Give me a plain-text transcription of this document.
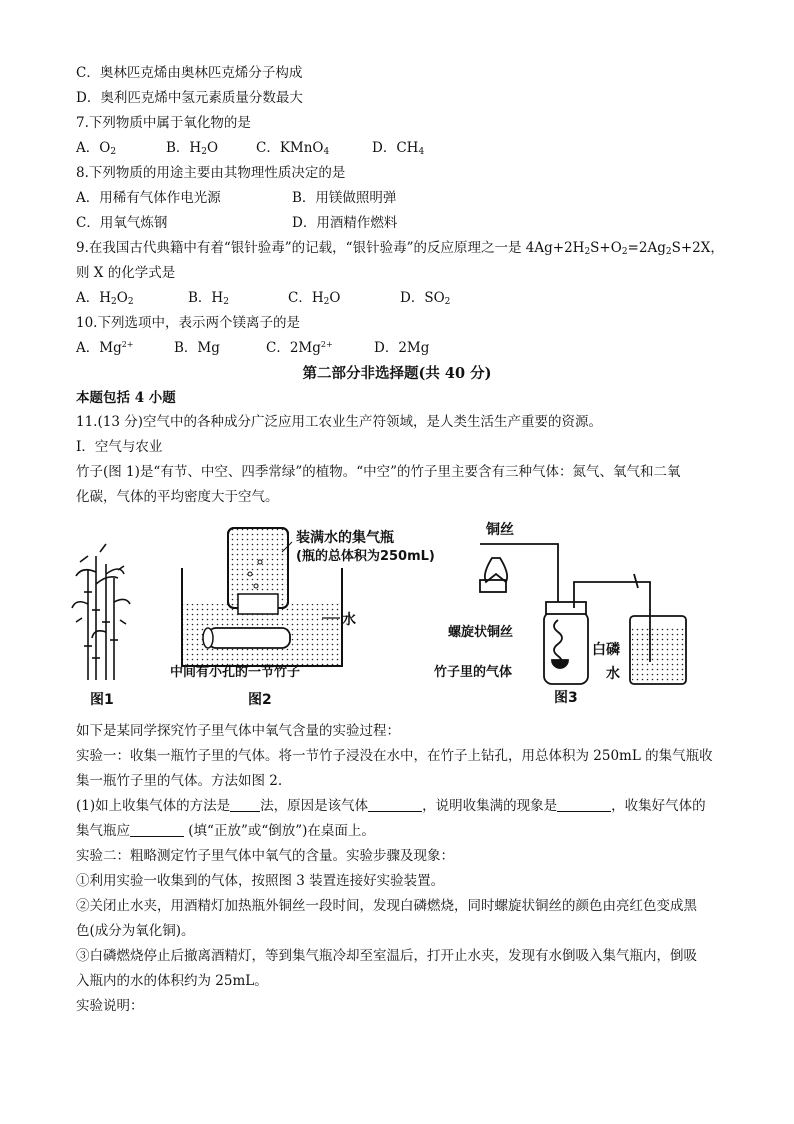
C．奥林匹克烯由奥林匹克烯分子构成
D．奥利匹克烯中氢元素质量分数最大
7.下列物质中属于氧化物的是
A．$O_2$	B．$H_2O$	C．KMnO$_4$	D．$CH_4$
8.下列物质的用途主要由其物理性质决定的是
A．用稀有气体作电光源	B．用镁做照明弹
C．用氧气炼钢	D．用酒精作燃料
9.在我国古代典籍中有着“银针验毒”的记载，“银针验毒”的反应原理之一是 $4Ag+2H_2S+O_2=2Ag_2S+2X$，
则 X 的化学式是
A．$H_2O_2$	B．$H_2$	C．$H_2O$	D．$SO_2$
10.下列选项中，表示两个镁离子的是
A．$Mg^{2+}$	B．Mg	C．$2Mg^{2+}$	D．2Mg
第二部分非选择题(共 40 分)
本题包括 4 小题
11.(13 分)空气中的各种成分广泛应用工农业生产符领域，是人类生活生产重要的资源。
I．空气与农业
竹子(图 1)是“有节、中空、四季常绿”的植物。“中空”的竹子里主要含有三种气体：氮气、氧气和二氧
化碳，气体的平均密度大于空气。
图1
装满水的集气瓶
(瓶的总体积为250mL)
水
中间有小孔的一节竹子
图2
铜丝
螺旋状铜丝
竹子里的气体
白磷
水
图3
如下是某同学探究竹子里气体中氧气含量的实验过程：
实验一：收集一瓶竹子里的气体。将一节竹子浸没在水中，在竹子上钻孔，用总体积为 250mL 的集气瓶收
集一瓶竹子里的气体。方法如图 2.
(1)如上收集气体的方法是 法，原因是该气体	，说明收集满的现象是	，收集好气体的
集气瓶应	(填“正放”或“倒放”)在桌面上。
实验二：粗略测定竹子里气体中氧气的含量。实验步骤及现象：
①利用实验一收集到的气体，按照图 3 装置连接好实验装置。
②关闭止水夹，用酒精灯加热瓶外铜丝一段时间，发现白磷燃烧，同时螺旋状铜丝的颜色由亮红色变成黑
色(成分为氧化铜)。
③白磷燃烧停止后撤离酒精灯，等到集气瓶冷却至室温后，打开止水夹，发现有水倒吸入集气瓶内，倒吸
入瓶内的水的体积约为 25mL。
实验说明：
